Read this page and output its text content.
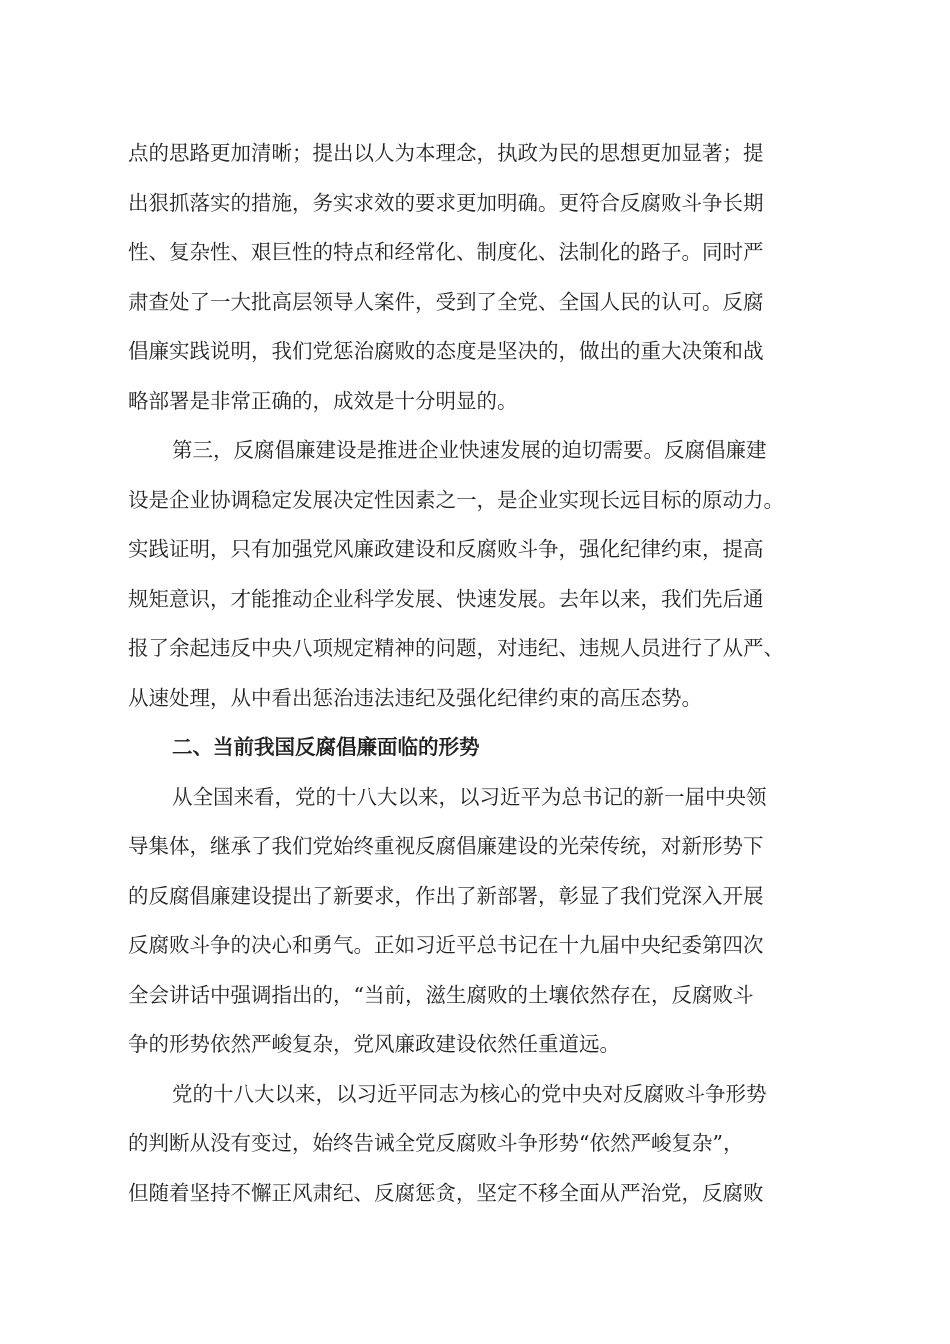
点的思路更加清晰；提出以人为本理念，执政为民的思想更加显著；提
出狠抓落实的措施，务实求效的要求更加明确。更符合反腐败斗争长期
性、复杂性、艰巨性的特点和经常化、制度化、法制化的路子。同时严
肃查处了一大批高层领导人案件，受到了全党、全国人民的认可。反腐
倡廉实践说明，我们党惩治腐败的态度是坚决的，做出的重大决策和战
略部署是非常正确的，成效是十分明显的。
第三，反腐倡廉建设是推进企业快速发展的迫切需要。反腐倡廉建
设是企业协调稳定发展决定性因素之一，是企业实现长远目标的原动力。
实践证明，只有加强党风廉政建设和反腐败斗争，强化纪律约束，提高
规矩意识，才能推动企业科学发展、快速发展。去年以来，我们先后通
报了余起违反中央八项规定精神的问题，对违纪、违规人员进行了从严、
从速处理，从中看出惩治违法违纪及强化纪律约束的高压态势。
二、当前我国反腐倡廉面临的形势
从全国来看，党的十八大以来，以习近平为总书记的新一届中央领
导集体，继承了我们党始终重视反腐倡廉建设的光荣传统，对新形势下
的反腐倡廉建设提出了新要求，作出了新部署，彰显了我们党深入开展
反腐败斗争的决心和勇气。正如习近平总书记在十九届中央纪委第四次
全会讲话中强调指出的，“当前，滋生腐败的土壤依然存在，反腐败斗
争的形势依然严峻复杂，党风廉政建设依然任重道远。
党的十八大以来，以习近平同志为核心的党中央对反腐败斗争形势
的判断从没有变过，始终告诫全党反腐败斗争形势“依然严峻复杂”，
但随着坚持不懈正风肃纪、反腐惩贪，坚定不移全面从严治党，反腐败
